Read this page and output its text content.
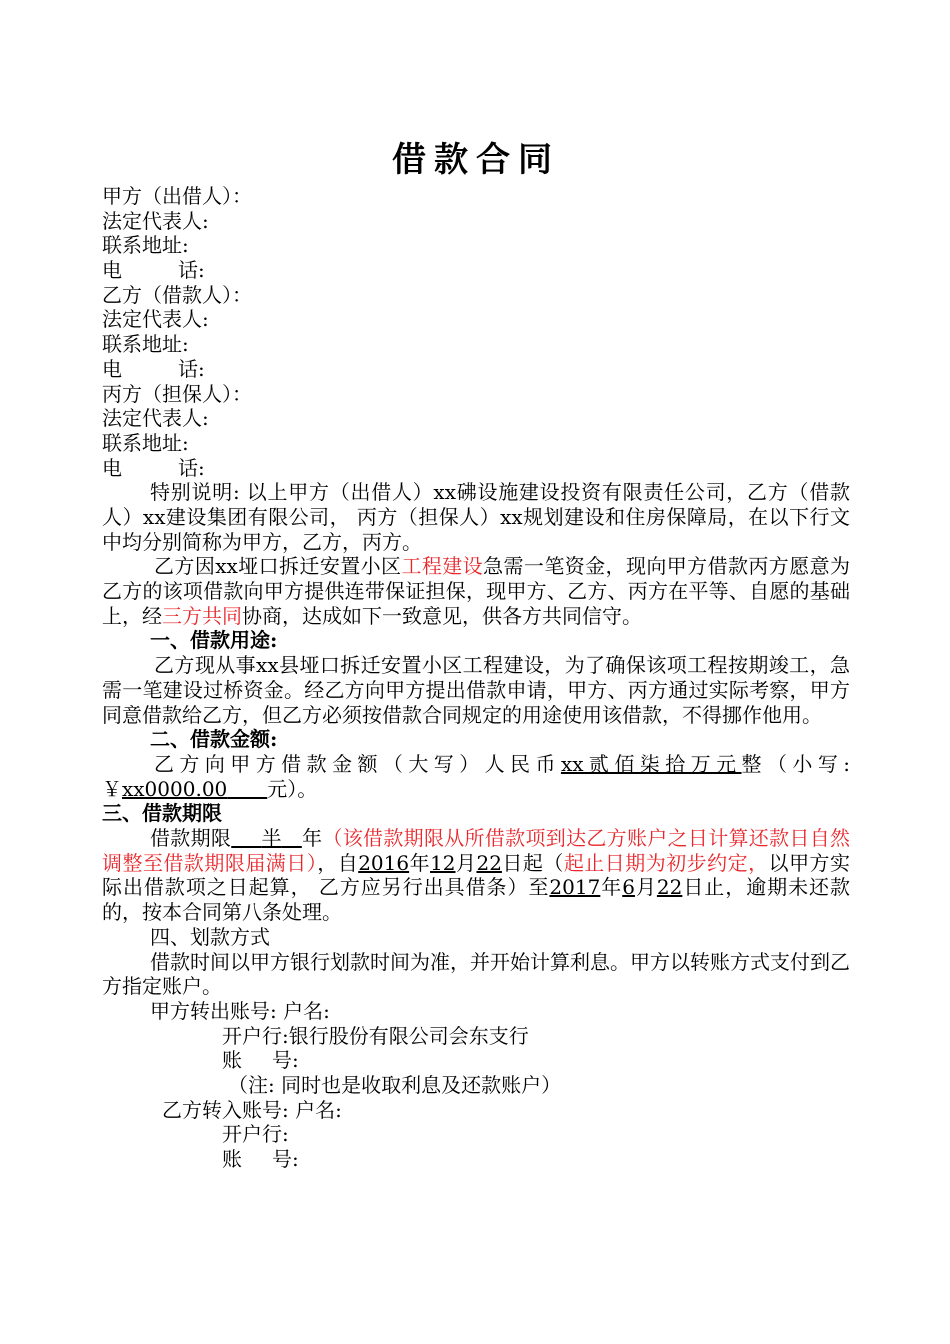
借款合同
甲方（出借人）：
法定代表人:
联系地址:
电	话:
乙方（借款人）：
法定代表人:
联系地址:
电	话:
丙方（担保人）：
法定代表人:
联系地址:
电	话:
特别说明: 以上甲方（出借人）xx砩设施建设投资有限责任公司，乙方（借款人）xx建设集团有限公司， 丙方（担保人）xx规划建设和住房保障局，在以下行文中均分别简称为甲方，乙方，丙方。
乙方因xx垭口拆迁安置小区工程建设急需一笔资金，现向甲方借款丙方愿意为乙方的该项借款向甲方提供连带保证担保，现甲方、乙方、丙方在平等、自愿的基础上，经三方共同协商，达成如下一致意见，供各方共同信守。
一、借款用途:
乙方现从事xx县垭口拆迁安置小区工程建设，为了确保该项工程按期竣工，急需一笔建设过桥资金。经乙方向甲方提出借款申请，甲方、丙方通过实际考察，甲方同意借款给乙方，但乙方必须按借款合同规定的用途使用该借款，不得挪作他用。
二、借款金额:
乙方向甲方借款金额（大写）人民币xx贰佰柒拾万元整（小写: ￥xx0000.00   元）。
三、借款期限
借款期限   半  年（该借款期限从所借款项到达乙方账户之日计算还款日自然调整至借款期限届满日），自2016年12月22日起（起止日期为初步约定，以甲方实际出借款项之日起算， 乙方应另行出具借条）至2017年6月22日止，逾期未还款的，按本合同第八条处理。
四、划款方式
借款时间以甲方银行划款时间为准，并开始计算利息。甲方以转账方式支付到乙方指定账户。
甲方转出账号: 户名:
开户行:银行股份有限公司会东支行
账 号:
（注: 同时也是收取利息及还款账户）
乙方转入账号: 户名:
开户行:
账 号:
